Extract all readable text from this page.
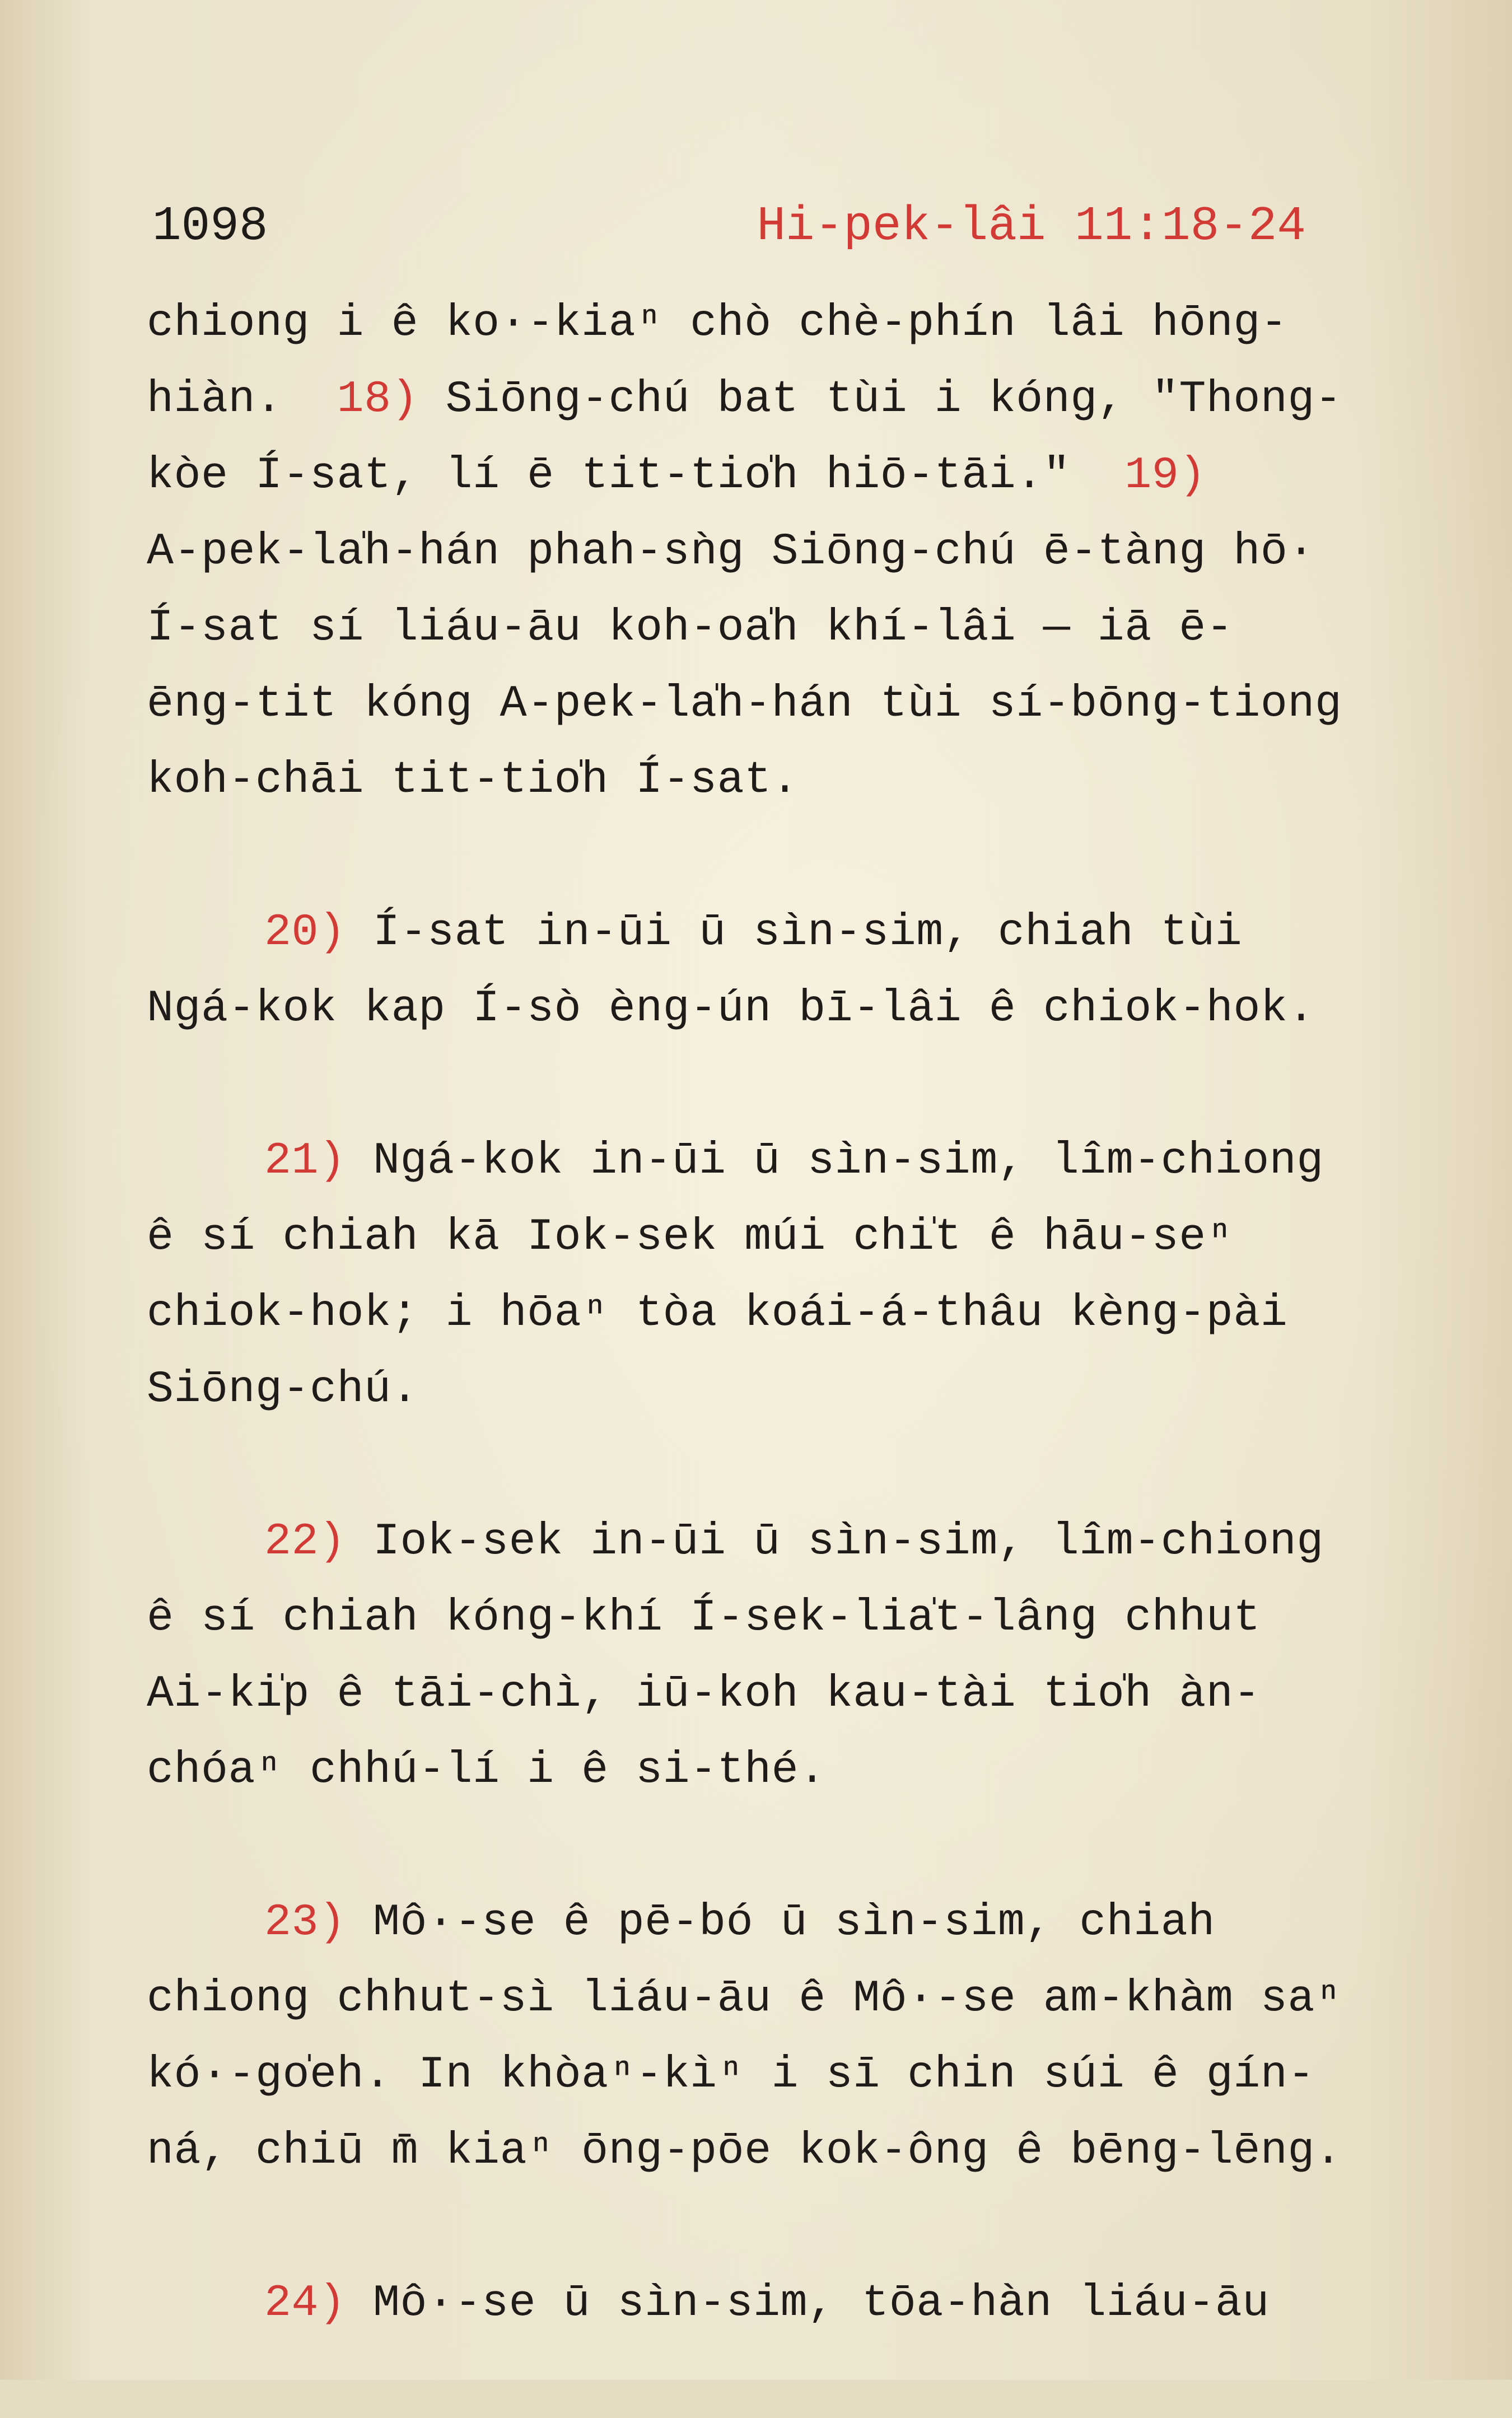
1098	Hi-pek-lâi 11:18-24
chiong i ê ko·-kiaⁿ chò chè-phín lâi hōng-
hiàn.  18) Siōng-chú bat tùi i kóng, "Thong-
kòe Í-sat, lí ē tit-tio̍h hiō-tāi."  19)
A-pek-la̍h-hán phah-sǹg Siōng-chú ē-tàng hō·
Í-sat sí liáu-āu koh-oa̍h khí-lâi — iā ē-
ēng-tit kóng A-pek-la̍h-hán tùi sí-bōng-tiong
koh-chāi tit-tio̍h Í-sat.
20) Í-sat in-ūi ū sìn-sim, chiah tùi
Ngá-kok kap Í-sò èng-ún bī-lâi ê chiok-hok.
21) Ngá-kok in-ūi ū sìn-sim, lîm-chiong
ê sí chiah kā Iok-sek múi chi̍t ê hāu-seⁿ
chiok-hok; i hōaⁿ tòa koái-á-thâu kèng-pài
Siōng-chú.
22) Iok-sek in-ūi ū sìn-sim, lîm-chiong
ê sí chiah kóng-khí Í-sek-lia̍t-lâng chhut
Ai-ki̍p ê tāi-chì, iū-koh kau-tài tio̍h àn-
chóaⁿ chhú-lí i ê si-thé.
23) Mô·-se ê pē-bó ū sìn-sim, chiah
chiong chhut-sì liáu-āu ê Mô·-se am-khàm saⁿ
kó·-go̍eh. In khòaⁿ-kìⁿ i sī chin súi ê gín-
ná, chiū m̄ kiaⁿ ōng-pōe kok-ông ê bēng-lēng.
24) Mô·-se ū sìn-sim, tōa-hàn liáu-āu
